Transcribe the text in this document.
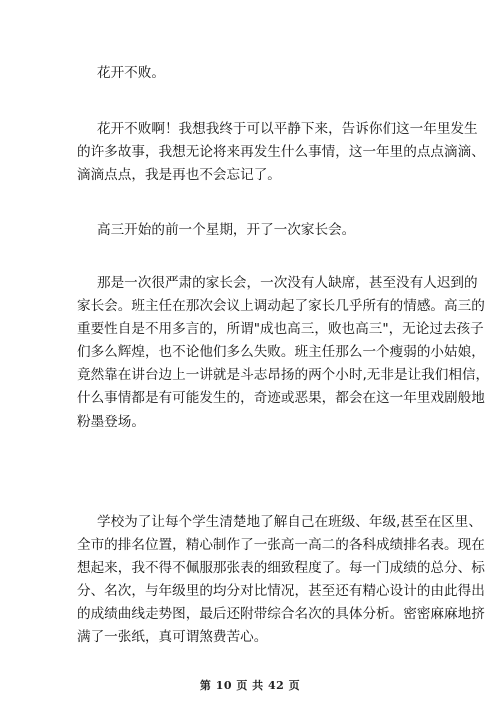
花开不败。
花开不败啊！我想我终于可以平静下来，告诉你们这一年里发生
的许多故事，我想无论将来再发生什么事情，这一年里的点点滴滴、
滴滴点点，我是再也不会忘记了。
高三开始的前一个星期，开了一次家长会。
那是一次很严肃的家长会，一次没有人缺席，甚至没有人迟到的
家长会。班主任在那次会议上调动起了家长几乎所有的情感。高三的
重要性自是不用多言的，所谓"成也高三，败也高三"，无论过去孩子
们多么辉煌，也不论他们多么失败。班主任那么一个瘦弱的小姑娘，
竟然靠在讲台边上一讲就是斗志昂扬的两个小时,无非是让我们相信，
什么事情都是有可能发生的，奇迹或恶果，都会在这一年里戏剧般地
粉墨登场。
学校为了让每个学生清楚地了解自己在班级、年级,甚至在区里、
全市的排名位置，精心制作了一张高一高二的各科成绩排名表。现在
想起来，我不得不佩服那张表的细致程度了。每一门成绩的总分、标
分、名次，与年级里的均分对比情况，甚至还有精心设计的由此得出
的成绩曲线走势图，最后还附带综合名次的具体分析。密密麻麻地挤
满了一张纸，真可谓煞费苦心。
第 10 页 共 42 页
